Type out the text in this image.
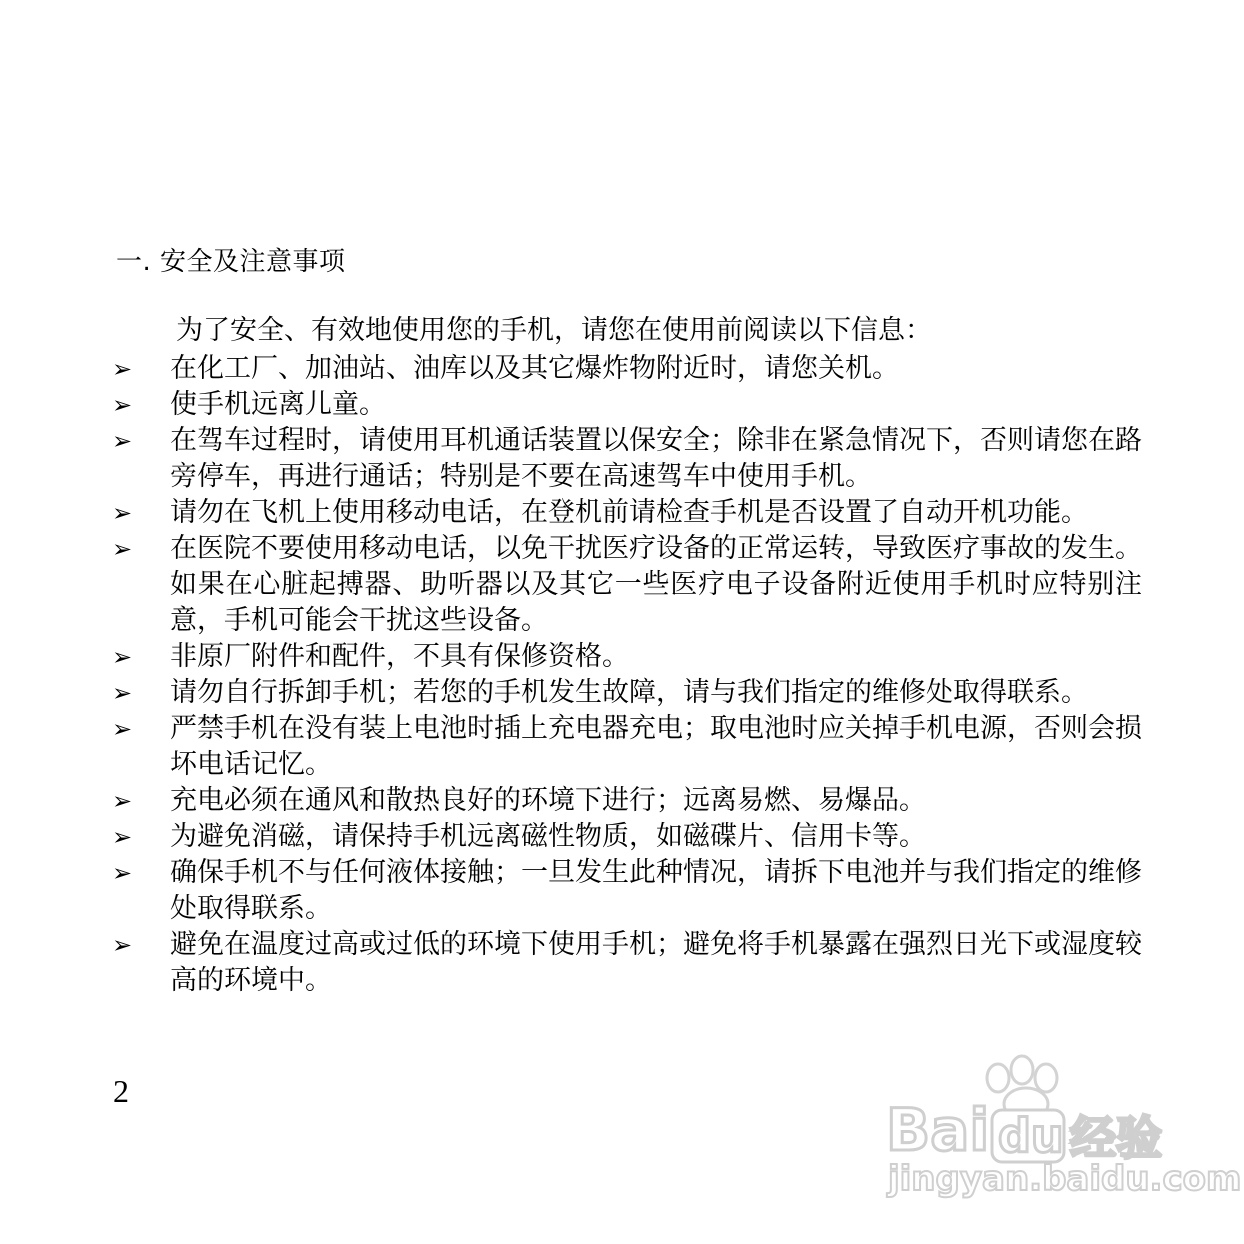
一. 安全及注意事项

为了安全、有效地使用您的手机，请您在使用前阅读以下信息：

➢	在化工厂、加油站、油库以及其它爆炸物附近时，请您关机。
➢	使手机远离儿童。
➢	在驾车过程时，请使用耳机通话装置以保安全；除非在紧急情况下，否则请您在路旁停车，再进行通话；特别是不要在高速驾车中使用手机。
➢	请勿在飞机上使用移动电话，在登机前请检查手机是否设置了自动开机功能。
➢	在医院不要使用移动电话，以免干扰医疗设备的正常运转，导致医疗事故的发生。如果在心脏起搏器、助听器以及其它一些医疗电子设备附近使用手机时应特别注意，手机可能会干扰这些设备。
➢	非原厂附件和配件，不具有保修资格。
➢	请勿自行拆卸手机；若您的手机发生故障，请与我们指定的维修处取得联系。
➢	严禁手机在没有装上电池时插上充电器充电；取电池时应关掉手机电源，否则会损坏电话记忆。
➢	充电必须在通风和散热良好的环境下进行；远离易燃、易爆品。
➢	为避免消磁，请保持手机远离磁性物质，如磁碟片、信用卡等。
➢	确保手机不与任何液体接触；一旦发生此种情况，请拆下电池并与我们指定的维修处取得联系。
➢	避免在温度过高或过低的环境下使用手机；避免将手机暴露在强烈日光下或湿度较高的环境中。

2

Bai du 经验
jingyan.baidu.com
